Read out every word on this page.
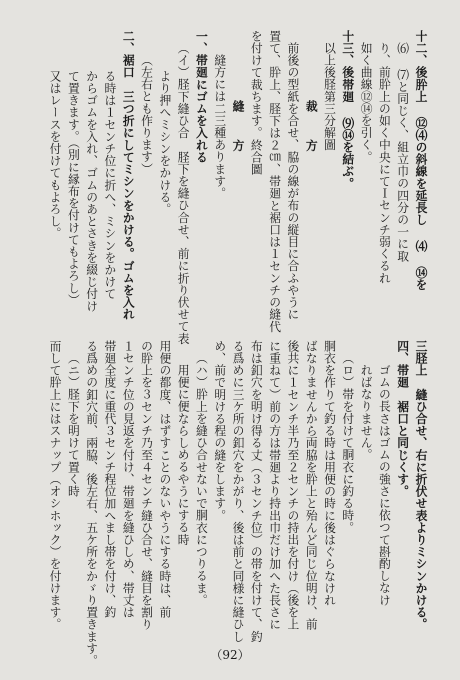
十二、後肸上 ⑫⑷の斜線を延長し ⑷ ⑭を
⑹ ⑺と同じく、組立巾の四分の一に取
り、前肸上の如く中央にてＩセンチ弱くるれ
如く曲線⑫⑭を引く。
十三、後帯廻 ⑼⑭を結ぶ。
以上後𦙾第三分解圖
裁　方
前後の型紙を合せ、脇の線が布の縦目に合ふやうに
置て、肸上、𦙾下は２㎝、帯廻と裾口は１センチの縫代
を付けて裁ちます。終合圖
縫　方
縫方には二三種あります。
一、帯廻にゴムを入れる
（イ）𦙾下縫ひ合　𦙾下を縫ひ合せ、前に折り伏せて表
より押へミシンをかける。
（左右とも作ります）
二、裾口　三つ折にしてミシンをかける。ゴムを入れ
る時は１センチ位に折へ、ミシンをかけて
からゴムを入れ、ゴムのあとさきを綴じ付け
て置きます。（別に縁布を付けてもよろし）
又はレースを付けてもよろし。
三𦙾上　縫ひ合せ、右に折伏せ表よりミシンかける。
四、帯廻　裾口と同じくす。
ゴムの長さはゴムの強さに依つて斟酌しなけ
ればなりません。
（ロ）帯を付けて胴衣に釣る時。
胴衣を作りて釣る時は用便の時に後はぐらなけれ
ばなりませんから両脇を肸上と殆んど同じ位明け、前
後共に１センチ半乃至２センチの持出を付け（後を上
に重ねて）前の方は帯廻より持出巾だけ加へた長さに
布は釦穴を明け得る丈（３センチ位）の帯を付けて、釣
る爲めに三ケ所の釦穴をかがり、後は前と同様に縫ひし
め、前で明ける程の縫をします。
（ハ）肸上を縫ひ合せないで胴衣につりるま。
用便に便ならしめるやうにする時
用便の都度、はずすことのないやうにする時は、前
の肸上を３センチ乃至４センチ縫ひ合せ、縫目を割り
１センチ位の見返を付け、帯廻を縫ひしめ、帯丈は
帯廻全度に重代３センチ程位加へまし帯を付け、釣
る爲めの釦穴前、兩脇、後左右、五ケ所をかゞり置きます。
（ニ）𦙾下を明けて置く時
而して肸上にはスナップ（オシホック）を付けます。
（92）
